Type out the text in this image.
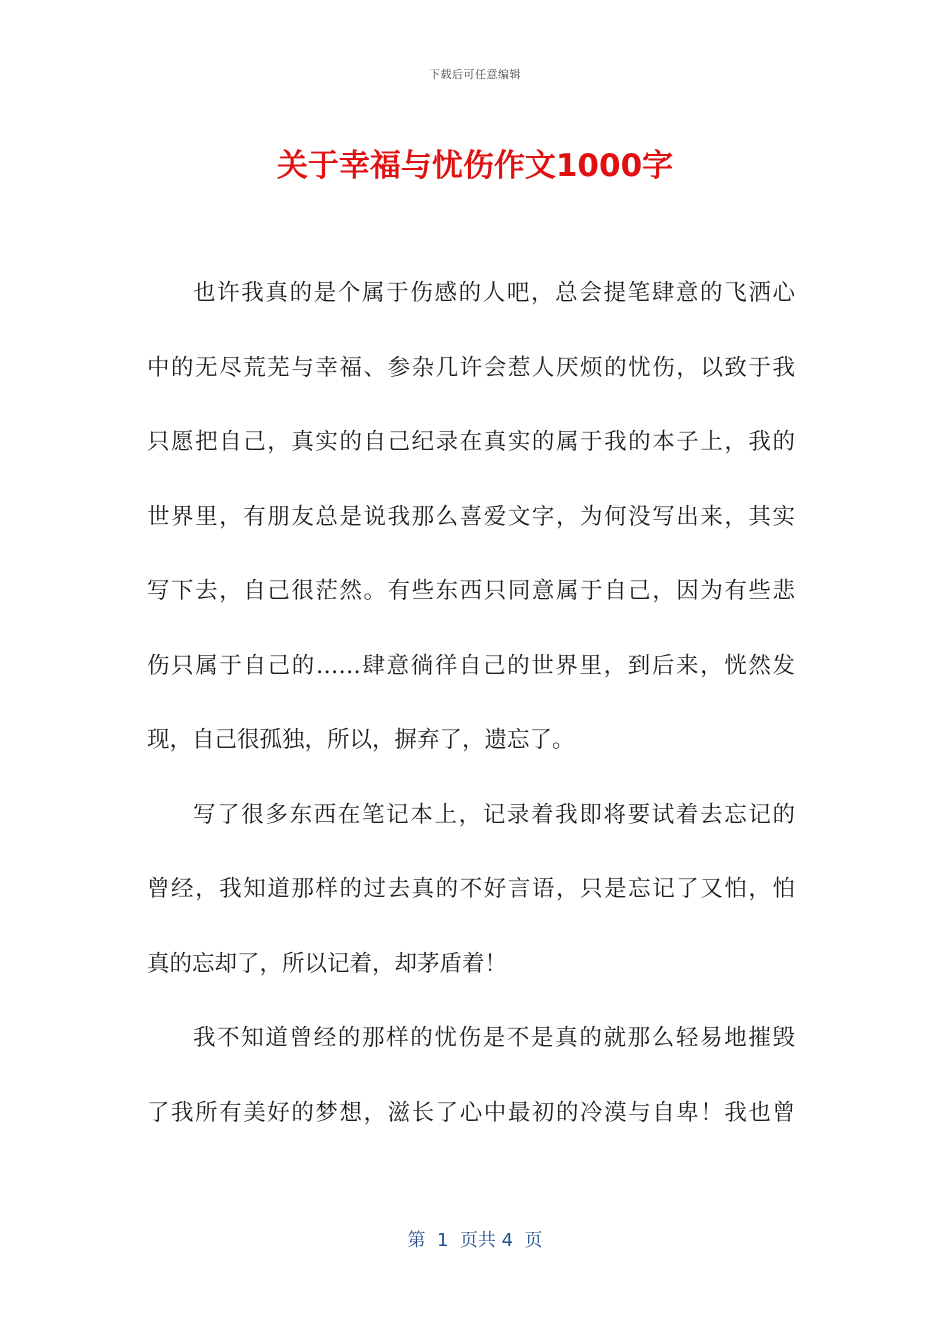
下载后可任意编辑
关于幸福与忧伤作文1000字
也许我真的是个属于伤感的人吧，总会提笔肆意的飞洒心
中的无尽荒芜与幸福、参杂几许会惹人厌烦的忧伤，以致于我
只愿把自己，真实的自己纪录在真实的属于我的本子上，我的
世界里，有朋友总是说我那么喜爱文字，为何没写出来，其实
写下去，自己很茫然。有些东西只同意属于自己，因为有些悲
伤只属于自己的……肆意徜徉自己的世界里，到后来，恍然发
现，自己很孤独，所以，摒弃了，遗忘了。
写了很多东西在笔记本上，记录着我即将要试着去忘记的
曾经，我知道那样的过去真的不好言语，只是忘记了又怕，怕
真的忘却了，所以记着，却茅盾着！
我不知道曾经的那样的忧伤是不是真的就那么轻易地摧毁
了我所有美好的梦想，滋长了心中最初的冷漠与自卑！我也曾
第  1  页共 4  页
